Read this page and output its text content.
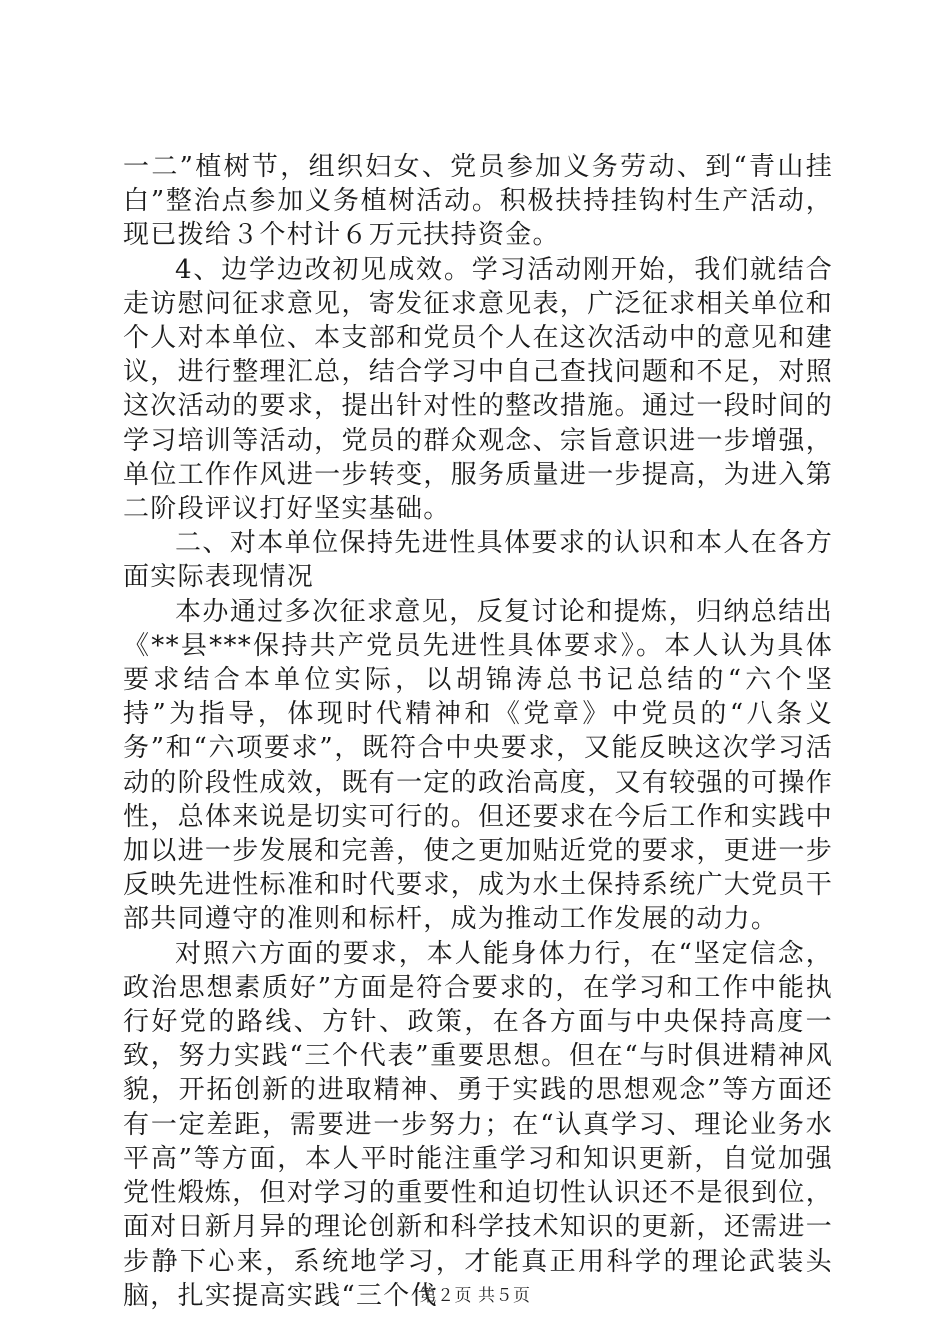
一二”植树节，组织妇女、党员参加义务劳动、到“青山挂白”整治点参加义务植树活动。积极扶持挂钩村生产活动，现已拨给３个村计６万元扶持资金。

4、边学边改初见成效。学习活动刚开始，我们就结合走访慰问征求意见，寄发征求意见表，广泛征求相关单位和个人对本单位、本支部和党员个人在这次活动中的意见和建议，进行整理汇总，结合学习中自己查找问题和不足，对照这次活动的要求，提出针对性的整改措施。通过一段时间的学习培训等活动，党员的群众观念、宗旨意识进一步增强，单位工作作风进一步转变，服务质量进一步提高，为进入第二阶段评议打好坚实基础。

二、对本单位保持先进性具体要求的认识和本人在各方面实际表现情况

本办通过多次征求意见，反复讨论和提炼，归纳总结出《**县***保持共产党员先进性具体要求》。本人认为具体要求结合本单位实际，以胡锦涛总书记总结的“六个坚持”为指导，体现时代精神和《党章》中党员的“八条义务”和“六项要求”，既符合中央要求，又能反映这次学习活动的阶段性成效，既有一定的政治高度，又有较强的可操作性，总体来说是切实可行的。但还要求在今后工作和实践中加以进一步发展和完善，使之更加贴近党的要求，更进一步反映先进性标准和时代要求，成为水土保持系统广大党员干部共同遵守的准则和标杆，成为推动工作发展的动力。

对照六方面的要求，本人能身体力行，在“坚定信念，政治思想素质好”方面是符合要求的，在学习和工作中能执行好党的路线、方针、政策，在各方面与中央保持高度一致，努力实践“三个代表”重要思想。但在“与时俱进精神风貌，开拓创新的进取精神、勇于实践的思想观念”等方面还有一定差距，需要进一步努力；在“认真学习、理论业务水平高”等方面，本人平时能注重学习和知识更新，自觉加强党性煅炼，但对学习的重要性和迫切性认识还不是很到位，面对日新月异的理论创新和科学技术知识的更新，还需进一步静下心来，系统地学习，才能真正用科学的理论武装头脑，扎实提高实践“三个代

第２页 共５页
